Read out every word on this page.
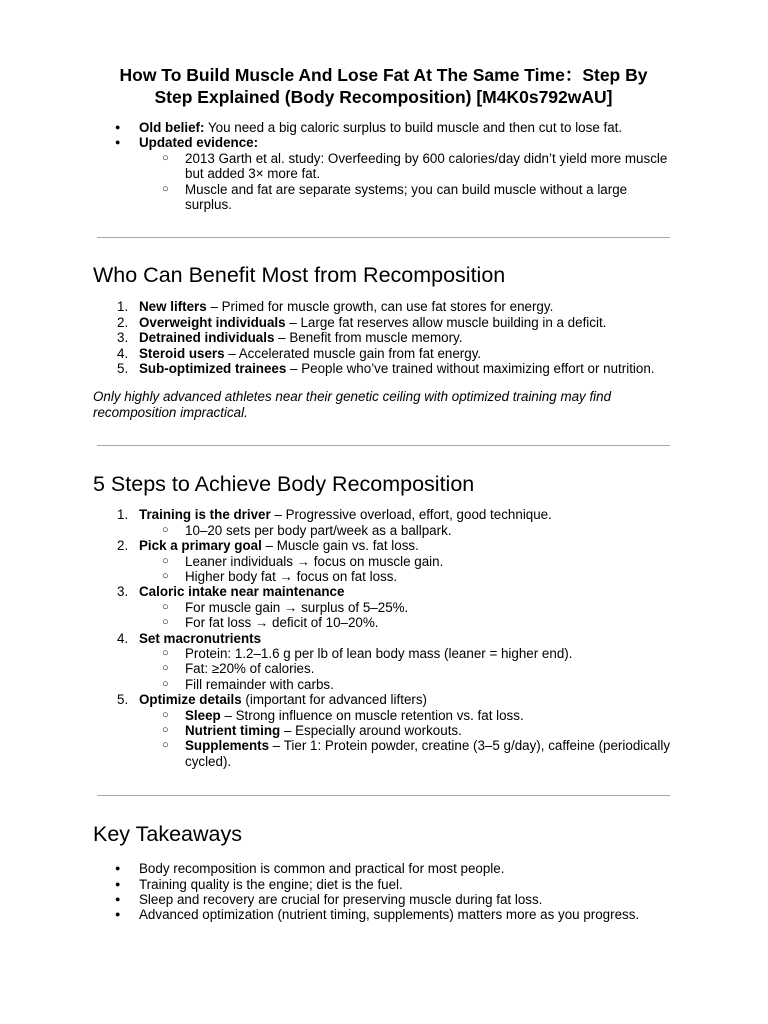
How To Build Muscle And Lose Fat At The Same Time：Step By
Step Explained (Body Recomposition) [M4K0s792wAU]
● Old belief: You need a big caloric surplus to build muscle and then cut to lose fat.
● Updated evidence:
○ 2013 Garth et al. study: Overfeeding by 600 calories/day didn’t yield more muscle but added 3× more fat.
○ Muscle and fat are separate systems; you can build muscle without a large surplus.
Who Can Benefit Most from Recomposition
1. New lifters – Primed for muscle growth, can use fat stores for energy.
2. Overweight individuals – Large fat reserves allow muscle building in a deficit.
3. Detrained individuals – Benefit from muscle memory.
4. Steroid users – Accelerated muscle gain from fat energy.
5. Sub-optimized trainees – People who’ve trained without maximizing effort or nutrition.

Only highly advanced athletes near their genetic ceiling with optimized training may find recomposition impractical.

5 Steps to Achieve Body Recomposition
1. Training is the driver – Progressive overload, effort, good technique.
○ 10–20 sets per body part/week as a ballpark.
2. Pick a primary goal – Muscle gain vs. fat loss.
○ Leaner individuals → focus on muscle gain.
○ Higher body fat → focus on fat loss.
3. Caloric intake near maintenance
○ For muscle gain → surplus of 5–25%.
○ For fat loss → deficit of 10–20%.
4. Set macronutrients
○ Protein: 1.2–1.6 g per lb of lean body mass (leaner = higher end).
○ Fat: ≥20% of calories.
○ Fill remainder with carbs.
5. Optimize details (important for advanced lifters)
○ Sleep – Strong influence on muscle retention vs. fat loss.
○ Nutrient timing – Especially around workouts.
○ Supplements – Tier 1: Protein powder, creatine (3–5 g/day), caffeine (periodically cycled).
Key Takeaways
● Body recomposition is common and practical for most people.
● Training quality is the engine; diet is the fuel.
● Sleep and recovery are crucial for preserving muscle during fat loss.
● Advanced optimization (nutrient timing, supplements) matters more as you progress.
